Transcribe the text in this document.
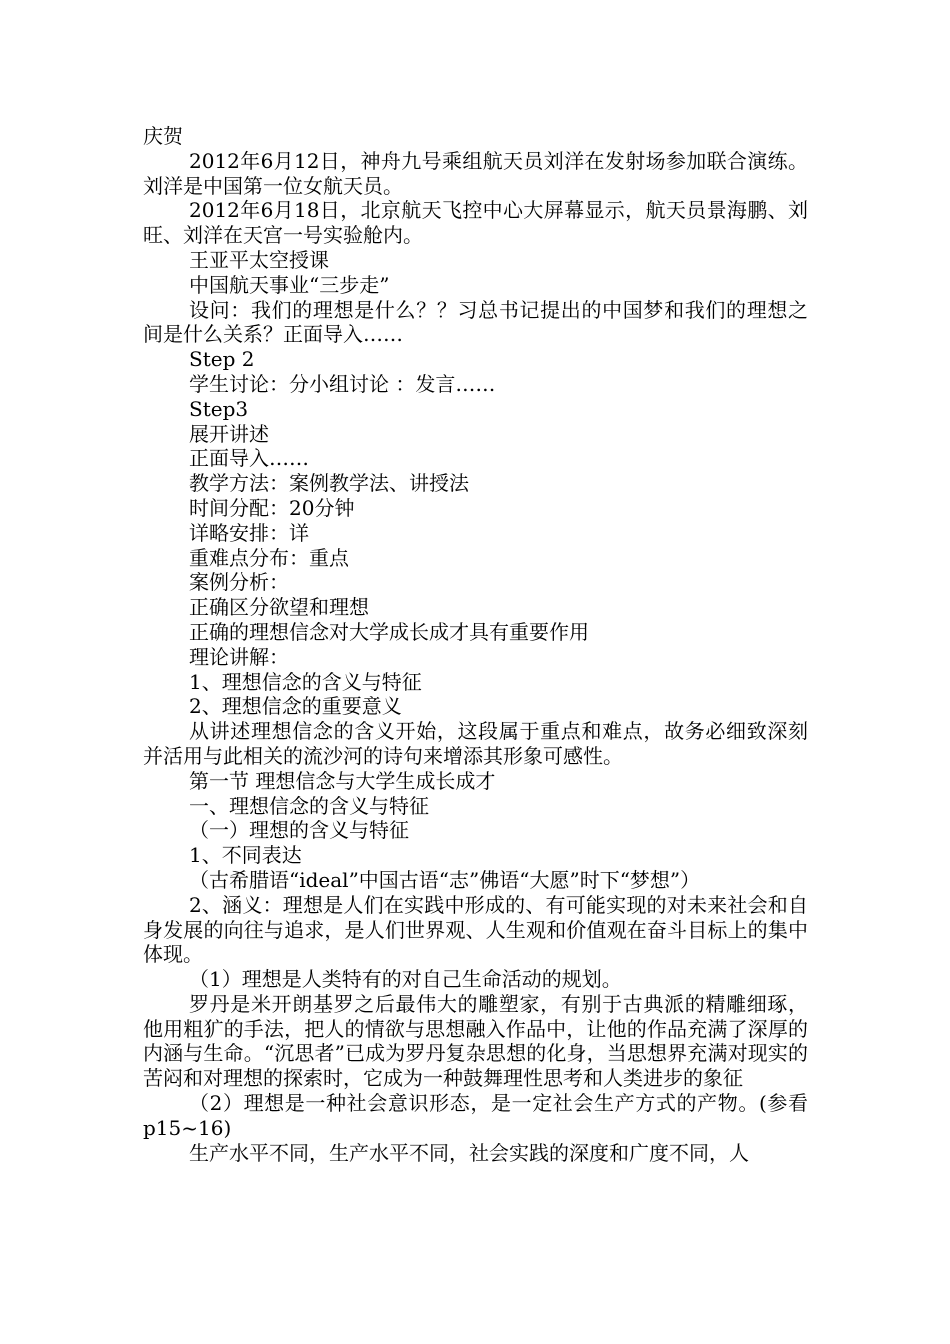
庆贺

2012年6月12日，神舟九号乘组航天员刘洋在发射场参加联合演练。刘洋是中国第一位女航天员。

2012年6月18日，北京航天飞控中心大屏幕显示，航天员景海鹏、刘旺、刘洋在天宫一号实验舱内。

王亚平太空授课

中国航天事业“三步走”

设问：我们的理想是什么？？习总书记提出的中国梦和我们的理想之间是什么关系？正面导入……

Step 2

学生讨论：分小组讨论 ：发言……

Step3

展开讲述

正面导入……

教学方法：案例教学法、讲授法

时间分配：20分钟

详略安排：详

重难点分布：重点

案例分析：

正确区分欲望和理想

正确的理想信念对大学成长成才具有重要作用

理论讲解：

1、理想信念的含义与特征

2、理想信念的重要意义

从讲述理想信念的含义开始，这段属于重点和难点，故务必细致深刻并活用与此相关的流沙河的诗句来增添其形象可感性。

第一节 理想信念与大学生成长成才

一、理想信念的含义与特征

（一）理想的含义与特征

1、不同表达

（古希腊语“ideal”中国古语“志”佛语“大愿”时下“梦想”）

2、涵义：理想是人们在实践中形成的、有可能实现的对未来社会和自身发展的向往与追求，是人们世界观、人生观和价值观在奋斗目标上的集中体现。

（1）理想是人类特有的对自己生命活动的规划。

罗丹是米开朗基罗之后最伟大的雕塑家，有别于古典派的精雕细琢，他用粗犷的手法，把人的情欲与思想融入作品中，让他的作品充满了深厚的内涵与生命。“沉思者”已成为罗丹复杂思想的化身，当思想界充满对现实的苦闷和对理想的探索时，它成为一种鼓舞理性思考和人类进步的象征

（2）理想是一种社会意识形态，是一定社会生产方式的产物。(参看p15~16)

生产水平不同，生产水平不同，社会实践的深度和广度不同，人
